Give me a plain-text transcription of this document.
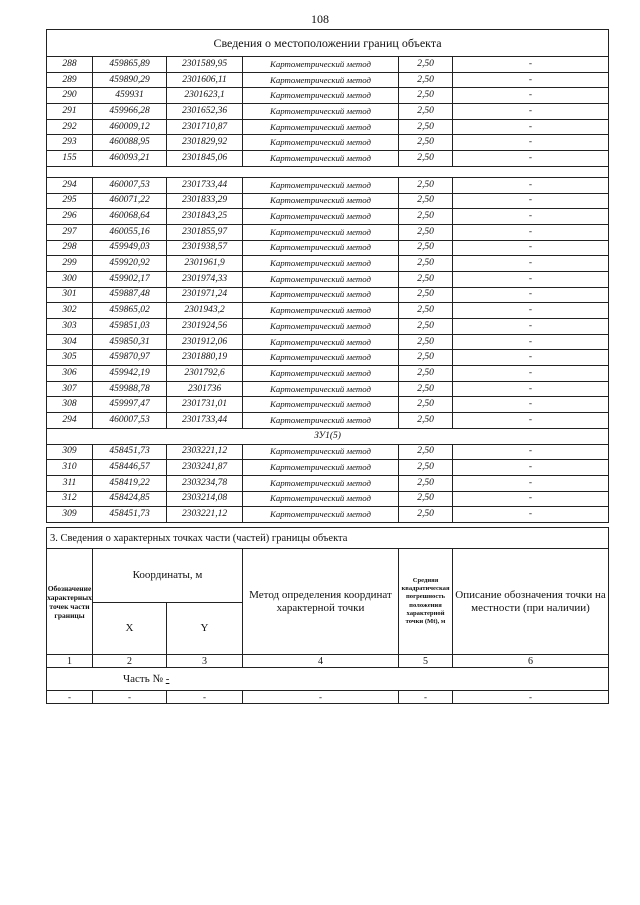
108
Сведения о местоположении границ объекта					
288	459865,89	2301589,95	Картометрический метод	2,50	-
289	459890,29	2301606,11	Картометрический метод	2,50	-
290	459931	2301623,1	Картометрический метод	2,50	-
291	459966,28	2301652,36	Картометрический метод	2,50	-
292	460009,12	2301710,87	Картометрический метод	2,50	-
293	460088,95	2301829,92	Картометрический метод	2,50	-
155	460093,21	2301845,06	Картометрический метод	2,50	-

294	460007,53	2301733,44	Картометрический метод	2,50	-
295	460071,22	2301833,29	Картометрический метод	2,50	-
296	460068,64	2301843,25	Картометрический метод	2,50	-
297	460055,16	2301855,97	Картометрический метод	2,50	-
298	459949,03	2301938,57	Картометрический метод	2,50	-
299	459920,92	2301961,9	Картометрический метод	2,50	-
300	459902,17	2301974,33	Картометрический метод	2,50	-
301	459887,48	2301971,24	Картометрический метод	2,50	-
302	459865,02	2301943,2	Картометрический метод	2,50	-
303	459851,03	2301924,56	Картометрический метод	2,50	-
304	459850,31	2301912,06	Картометрический метод	2,50	-
305	459870,97	2301880,19	Картометрический метод	2,50	-
306	459942,19	2301792,6	Картометрический метод	2,50	-
307	459988,78	2301736	Картометрический метод	2,50	-
308	459997,47	2301731,01	Картометрический метод	2,50	-
294	460007,53	2301733,44	Картометрический метод	2,50	-
ЗУ1(5)					
309	458451,73	2303221,12	Картометрический метод	2,50	-
310	458446,57	2303241,87	Картометрический метод	2,50	-
311	458419,22	2303234,78	Картометрический метод	2,50	-
312	458424,85	2303214,08	Картометрический метод	2,50	-
309	458451,73	2303221,12	Картометрический метод	2,50	-
3. Сведения о характерных точках части (частей) границы объекта					
Обозначение характерных точек части границы	Координаты, м		Метод определения координат характерной точки	Средняя квадратическая погрешность положения характерной точки (Mt), м	Описание обозначения точки на местности (при наличии)
	X	Y			
1	2	3	4	5	6
Часть № -					
-	-	-	-	-	-
